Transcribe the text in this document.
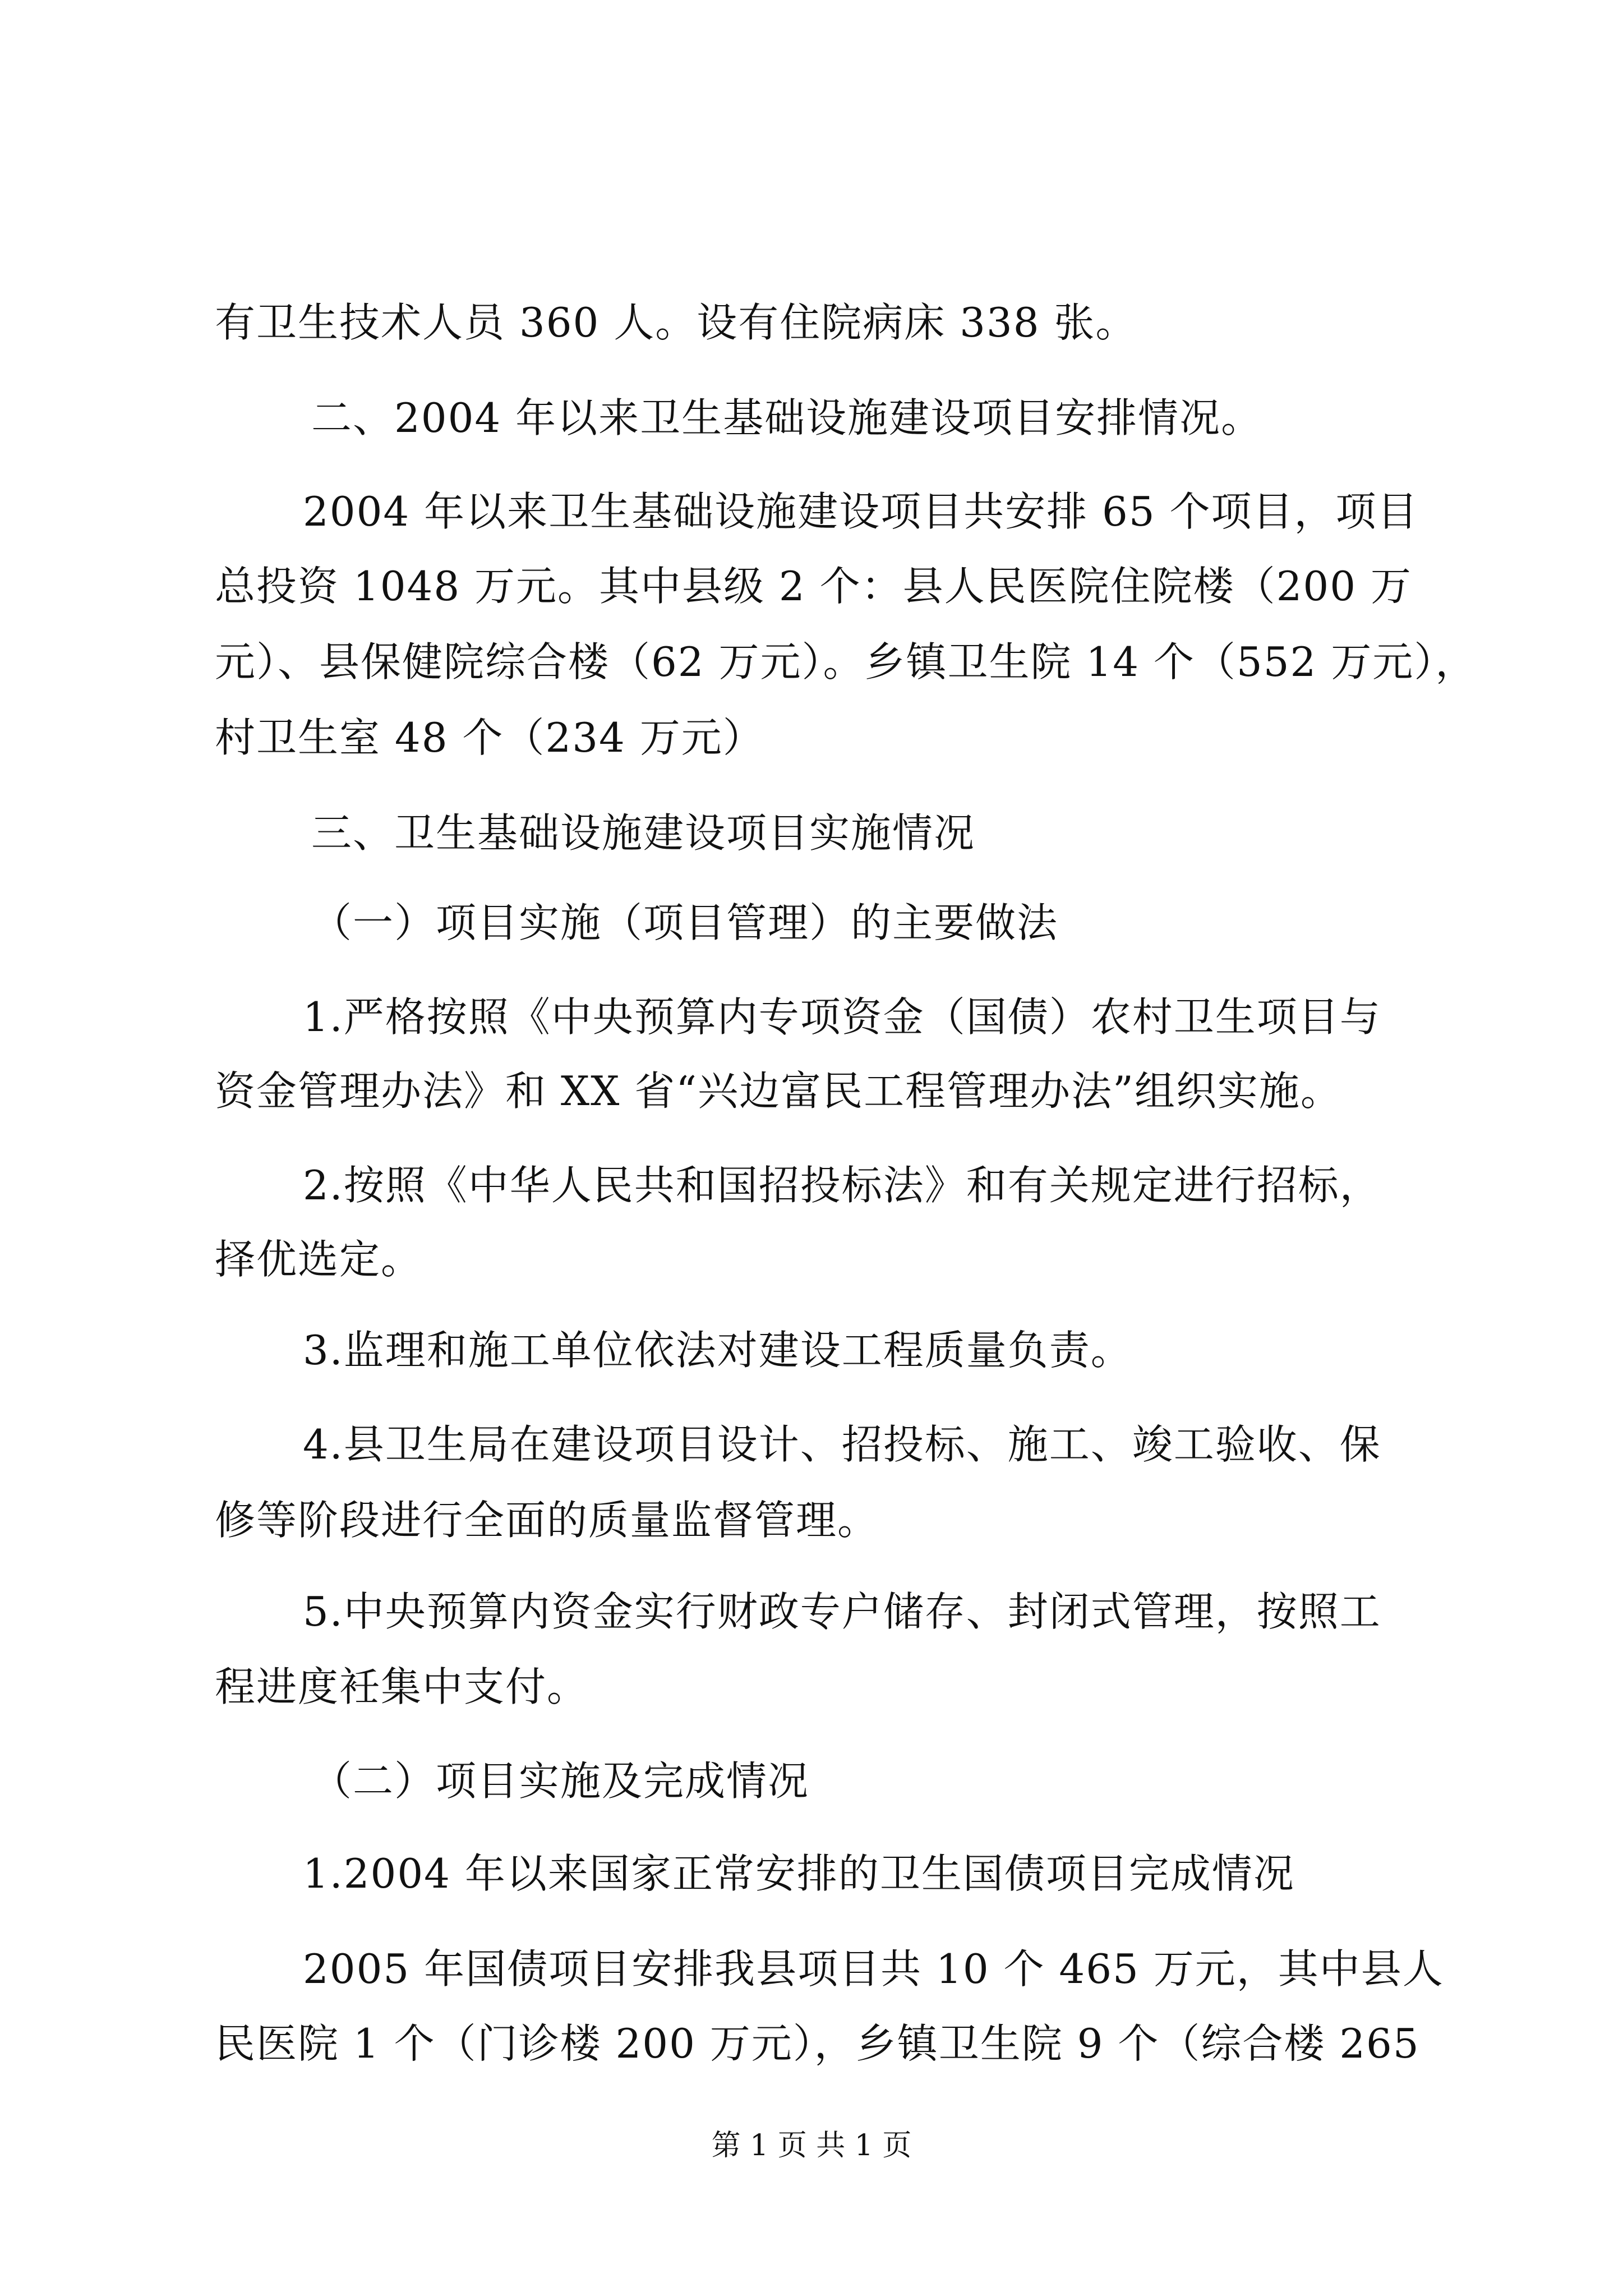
有卫生技术人员 360 人。设有住院病床 338 张。
二、2004 年以来卫生基础设施建设项目安排情况。
2004 年以来卫生基础设施建设项目共安排 65 个项目，项目
总投资 1048 万元。其中县级 2 个：县人民医院住院楼（200 万
元）、县保健院综合楼（62 万元）。乡镇卫生院 14 个（552 万元），
村卫生室 48 个（234 万元）
三、卫生基础设施建设项目实施情况
（一）项目实施（项目管理）的主要做法
1.严格按照《中央预算内专项资金（国债）农村卫生项目与
资金管理办法》和 XX 省“兴边富民工程管理办法”组织实施。
2.按照《中华人民共和国招投标法》和有关规定进行招标，
择优选定。
3.监理和施工单位依法对建设工程质量负责。
4.县卫生局在建设项目设计、招投标、施工、竣工验收、保
修等阶段进行全面的质量监督管理。
5.中央预算内资金实行财政专户储存、封闭式管理，按照工
程进度衽集中支付。
（二）项目实施及完成情况
1.2004 年以来国家正常安排的卫生国债项目完成情况
2005 年国债项目安排我县项目共 10 个 465 万元，其中县人
民医院 1 个（门诊楼 200 万元），乡镇卫生院 9 个（综合楼 265
第 1 页 共 1 页
